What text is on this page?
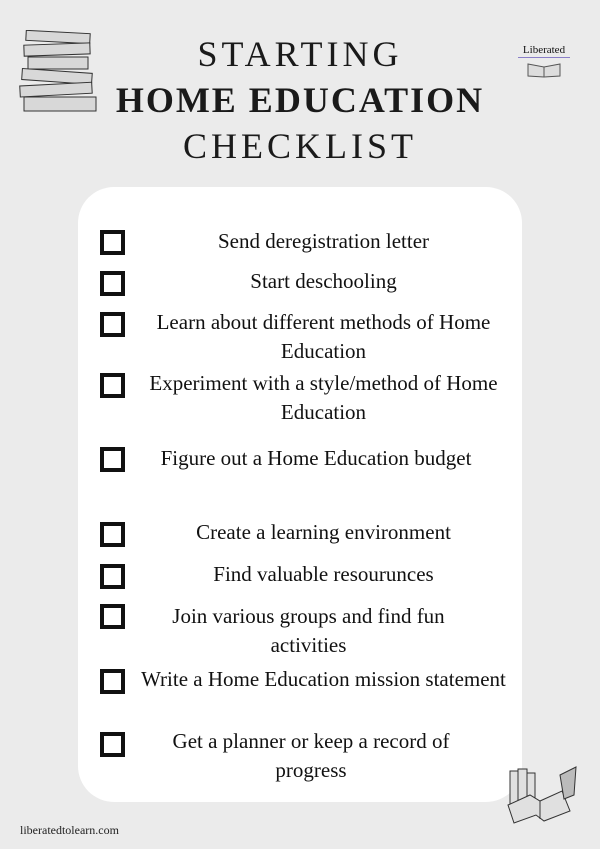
STARTING
HOME EDUCATION
CHECKLIST
Liberated
Send deregistration letter
Start deschooling
Learn about different methods of Home Education
Experiment with a style/method of Home Education
Figure out a Home Education budget
Create a learning environment
Find valuable resourunces
Join various groups and find fun activities
Write a Home Education mission statement
Get a planner or keep a record of progress
liberatedtolearn.com
